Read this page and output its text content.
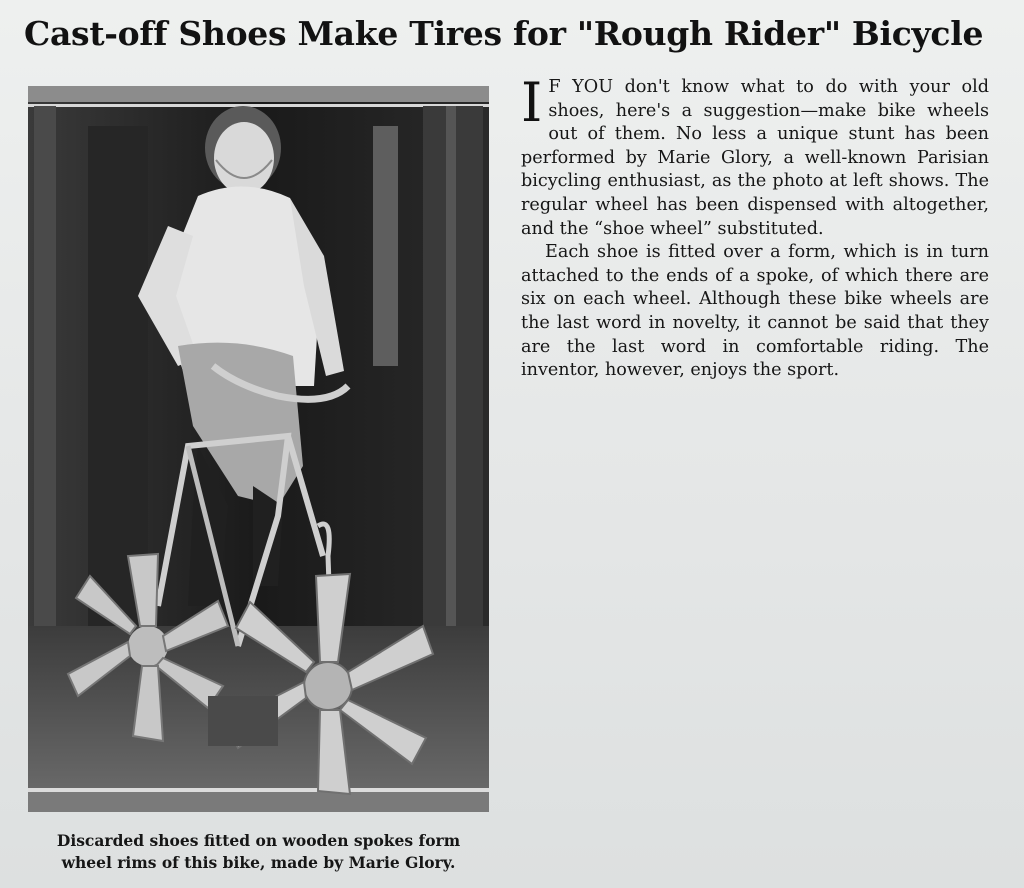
Cast-off Shoes Make Tires for "Rough Rider" Bicycle
Discarded shoes fitted on wooden spokes form
wheel rims of this bike, made by Marie Glory.

I F YOU don't know what to do with your old shoes, here's a suggestion—make bike wheels out of them. No less a unique stunt has been performed by Marie Glory, a well-known Parisian bicycling enthusiast, as the photo at left shows. The regular wheel has been dispensed with altogether, and the “shoe wheel” substituted.

Each shoe is fitted over a form, which is in turn attached to the ends of a spoke, of which there are six on each wheel. Although these bike wheels are the last word in novelty, it cannot be said that they are the last word in comfortable riding. The inventor, however, enjoys the sport.
